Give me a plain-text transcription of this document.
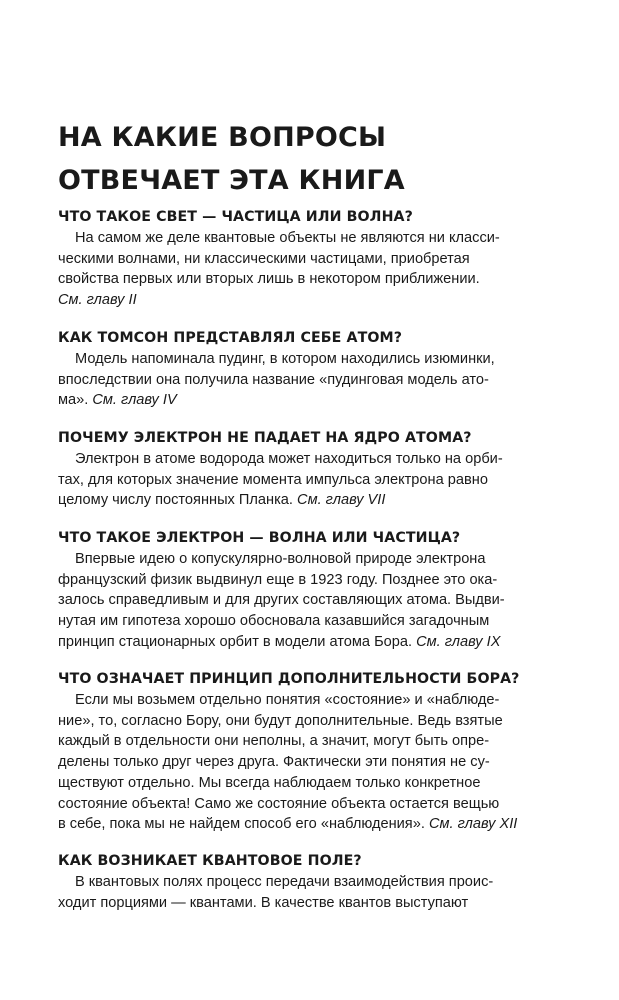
НА КАКИЕ ВОПРОСЫ
ОТВЕЧАЕТ ЭТА КНИГА
ЧТО ТАКОЕ СВЕТ — ЧАСТИЦА ИЛИ ВОЛНА?

На самом же деле квантовые объекты не являются ни класси-
ческими волнами, ни классическими частицами, приобретая
свойства первых или вторых лишь в некотором приближении.
См. главу II

КАК ТОМСОН ПРЕДСТАВЛЯЛ СЕБЕ АТОМ?

Модель напоминала пудинг, в котором находились изюминки,
впоследствии она получила название «пудинговая модель ато-
ма». См. главу IV

ПОЧЕМУ ЭЛЕКТРОН НЕ ПАДАЕТ НА ЯДРО АТОМА?

Электрон в атоме водорода может находиться только на орби-
тах, для которых значение момента импульса электрона равно
целому числу постоянных Планка. См. главу VII

ЧТО ТАКОЕ ЭЛЕКТРОН — ВОЛНА ИЛИ ЧАСТИЦА?

Впервые идею о копускулярно-волновой природе электрона
французский физик выдвинул еще в 1923 году. Позднее это ока-
залось справедливым и для других составляющих атома. Выдви-
нутая им гипотеза хорошо обосновала казавшийся загадочным
принцип стационарных орбит в модели атома Бора. См. главу IX

ЧТО ОЗНАЧАЕТ ПРИНЦИП ДОПОЛНИТЕЛЬНОСТИ БОРА?

Если мы возьмем отдельно понятия «состояние» и «наблюде-
ние», то, согласно Бору, они будут дополнительные. Ведь взятые
каждый в отдельности они неполны, а значит, могут быть опре-
делены только друг через друга. Фактически эти понятия не су-
ществуют отдельно. Мы всегда наблюдаем только конкретное
состояние объекта! Само же состояние объекта остается вещью
в себе, пока мы не найдем способ его «наблюдения». См. главу XII

КАК ВОЗНИКАЕТ КВАНТОВОЕ ПОЛЕ?

В квантовых полях процесс передачи взаимодействия проис-
ходит порциями — квантами. В качестве квантов выступают
